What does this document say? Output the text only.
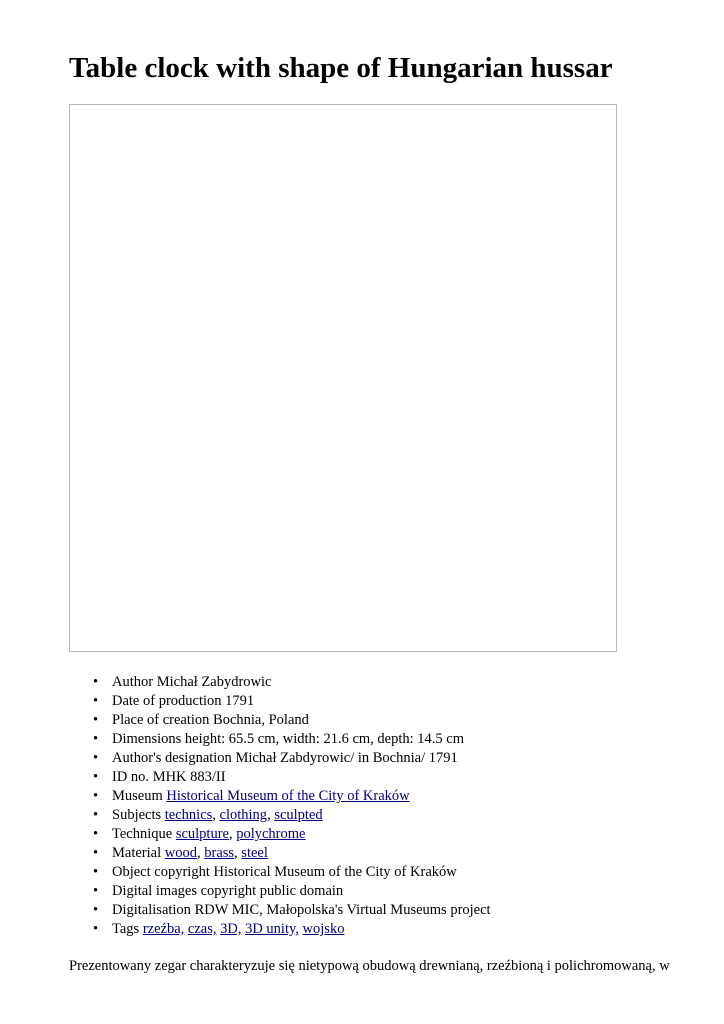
Table clock with shape of Hungarian hussar
• Author Michał Zabydrowic
• Date of production 1791
• Place of creation Bochnia, Poland
• Dimensions height: 65.5 cm, width: 21.6 cm, depth: 14.5 cm
• Author's designation Michał Zabdyrowic/ in Bochnia/ 1791
• ID no. MHK 883/II
• Museum Historical Museum of the City of Kraków
• Subjects technics, clothing, sculpted
• Technique sculpture, polychrome
• Material wood, brass, steel
• Object copyright Historical Museum of the City of Kraków
• Digital images copyright public domain
• Digitalisation RDW MIC, Małopolska's Virtual Museums project
• Tags rzeźba, czas, 3D, 3D unity, wojsko

Prezentowany zegar charakteryzuje się nietypową obudową drewnianą, rzeźbioną i polichromowaną, w
